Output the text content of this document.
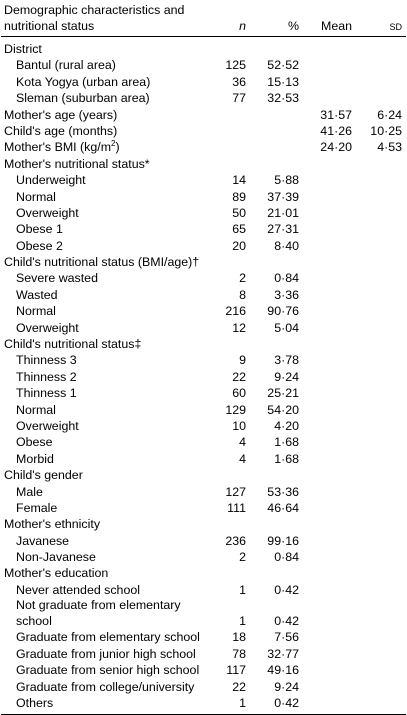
Demographic characteristics and
nutritional status	n	%	Mean	sd
District				
Bantul (rural area)	125	52·52		
Kota Yogya (urban area)	36	15·13		
Sleman (suburban area)	77	32·53		
Mother's age (years)			31·57	6·24
Child's age (months)			41·26	10·25
Mother's BMI $(kg/m^2)$			24·20	4·53
Mother's nutritional status*				
Underweight	14	5·88		
Normal	89	37·39		
Overweight	50	21·01		
Obese 1	65	27·31		
Obese 2	20	8·40		
Child's nutritional status (BMI/age)†				
Severe wasted	2	0·84		
Wasted	8	3·36		
Normal	216	90·76		
Overweight	12	5·04		
Child's nutritional status‡				
Thinness 3	9	3·78		
Thinness 2	22	9·24		
Thinness 1	60	25·21		
Normal	129	54·20		
Overweight	10	4·20		
Obese	4	1·68		
Morbid	4	1·68		
Child's gender				
Male	127	53·36		
Female	111	46·64		
Mother's ethnicity				
Javanese	236	99·16		
Non-Javanese	2	0·84		
Mother's education				
Never attended school	1	0·42		
Not graduate from elementary school	1	0·42		
Graduate from elementary school	18	7·56		
Graduate from junior high school	78	32·77		
Graduate from senior high school	117	49·16		
Graduate from college/university	22	9·24		
Others	1	0·42		
